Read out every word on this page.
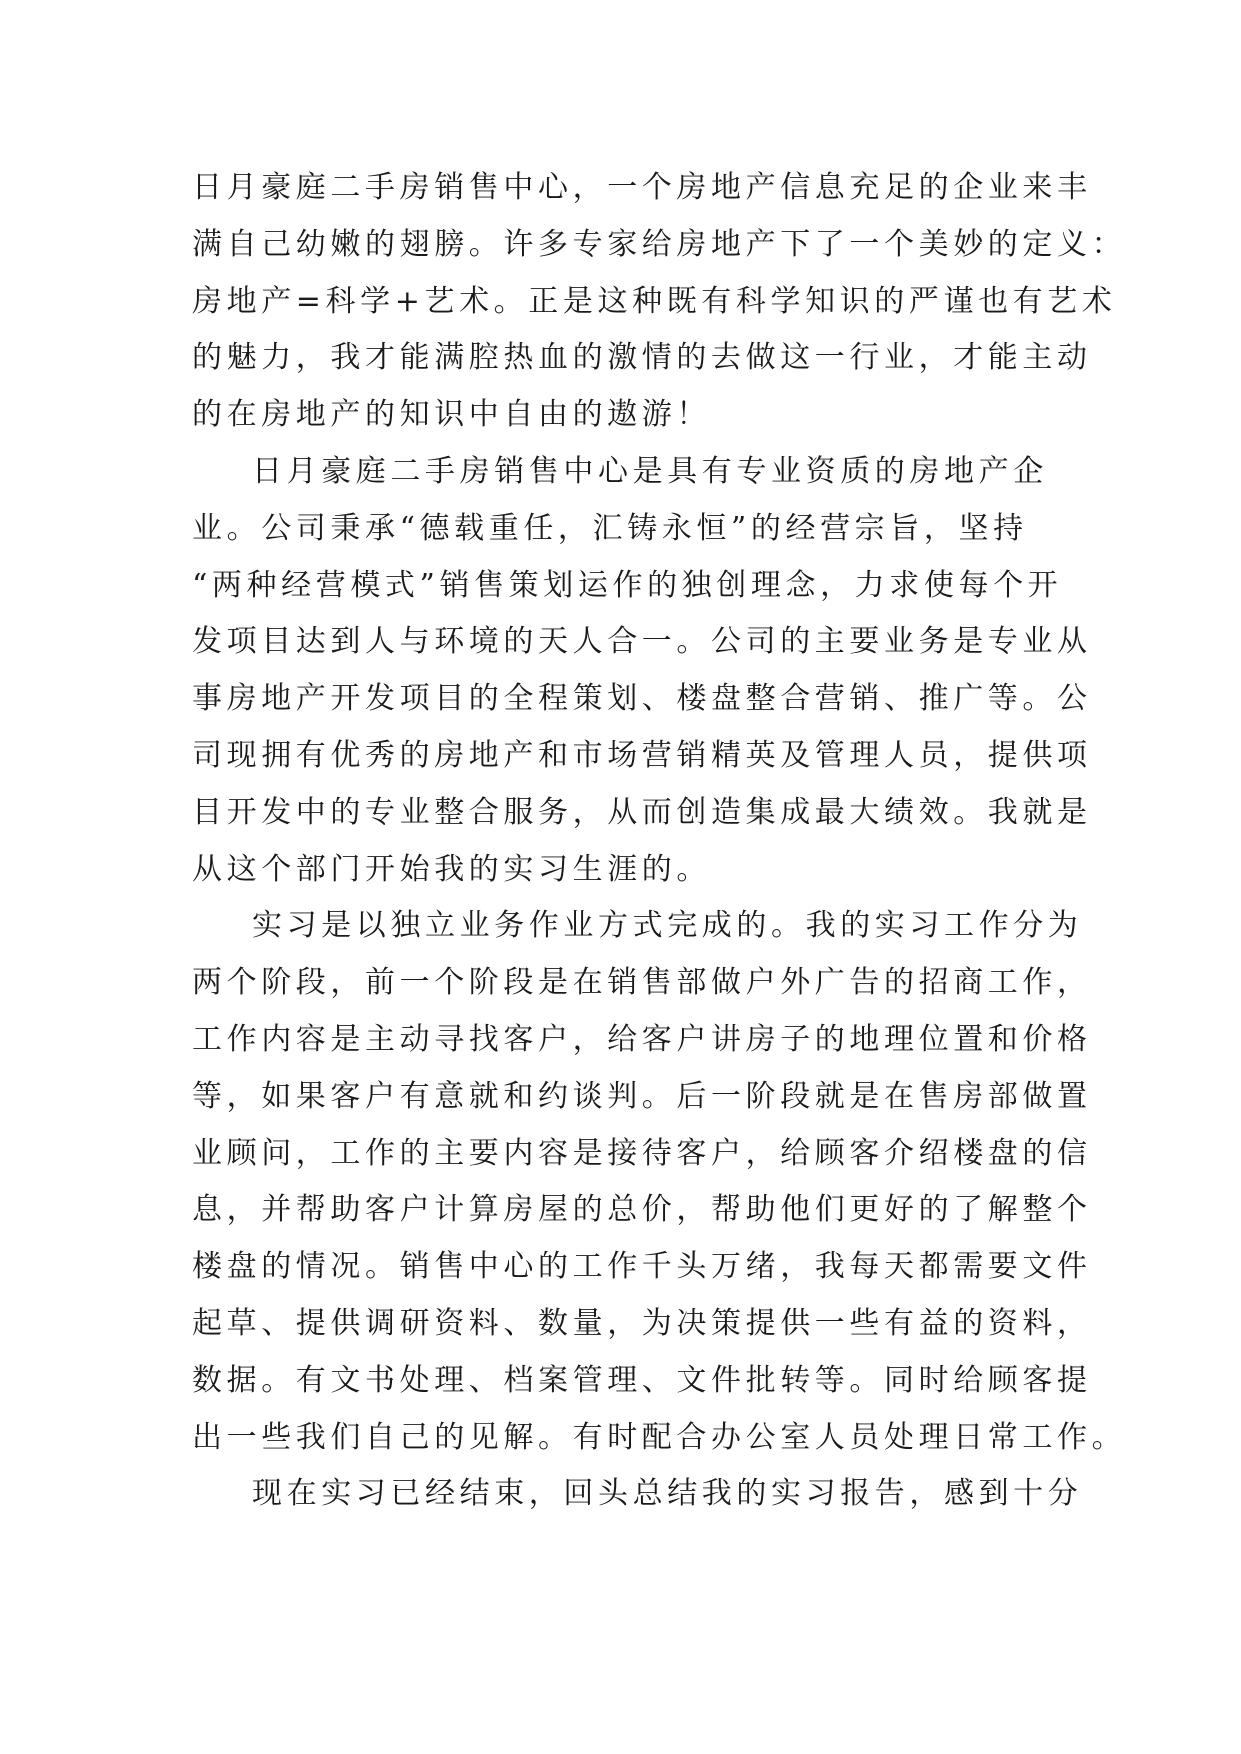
日月豪庭二手房销售中心，一个房地产信息充足的企业来丰
满自己幼嫩的翅膀。许多专家给房地产下了一个美妙的定义：
房地产=科学+艺术。正是这种既有科学知识的严谨也有艺术
的魅力，我才能满腔热血的激情的去做这一行业，才能主动
的在房地产的知识中自由的遨游！
日月豪庭二手房销售中心是具有专业资质的房地产企
业。公司秉承“德载重任，汇铸永恒”的经营宗旨，坚持
“两种经营模式”销售策划运作的独创理念，力求使每个开
发项目达到人与环境的天人合一。公司的主要业务是专业从
事房地产开发项目的全程策划、楼盘整合营销、推广等。公
司现拥有优秀的房地产和市场营销精英及管理人员，提供项
目开发中的专业整合服务，从而创造集成最大绩效。我就是
从这个部门开始我的实习生涯的。
实习是以独立业务作业方式完成的。我的实习工作分为
两个阶段，前一个阶段是在销售部做户外广告的招商工作，
工作内容是主动寻找客户，给客户讲房子的地理位置和价格
等，如果客户有意就和约谈判。后一阶段就是在售房部做置
业顾问，工作的主要内容是接待客户，给顾客介绍楼盘的信
息，并帮助客户计算房屋的总价，帮助他们更好的了解整个
楼盘的情况。销售中心的工作千头万绪，我每天都需要文件
起草、提供调研资料、数量，为决策提供一些有益的资料，
数据。有文书处理、档案管理、文件批转等。同时给顾客提
出一些我们自己的见解。有时配合办公室人员处理日常工作。
现在实习已经结束，回头总结我的实习报告，感到十分
